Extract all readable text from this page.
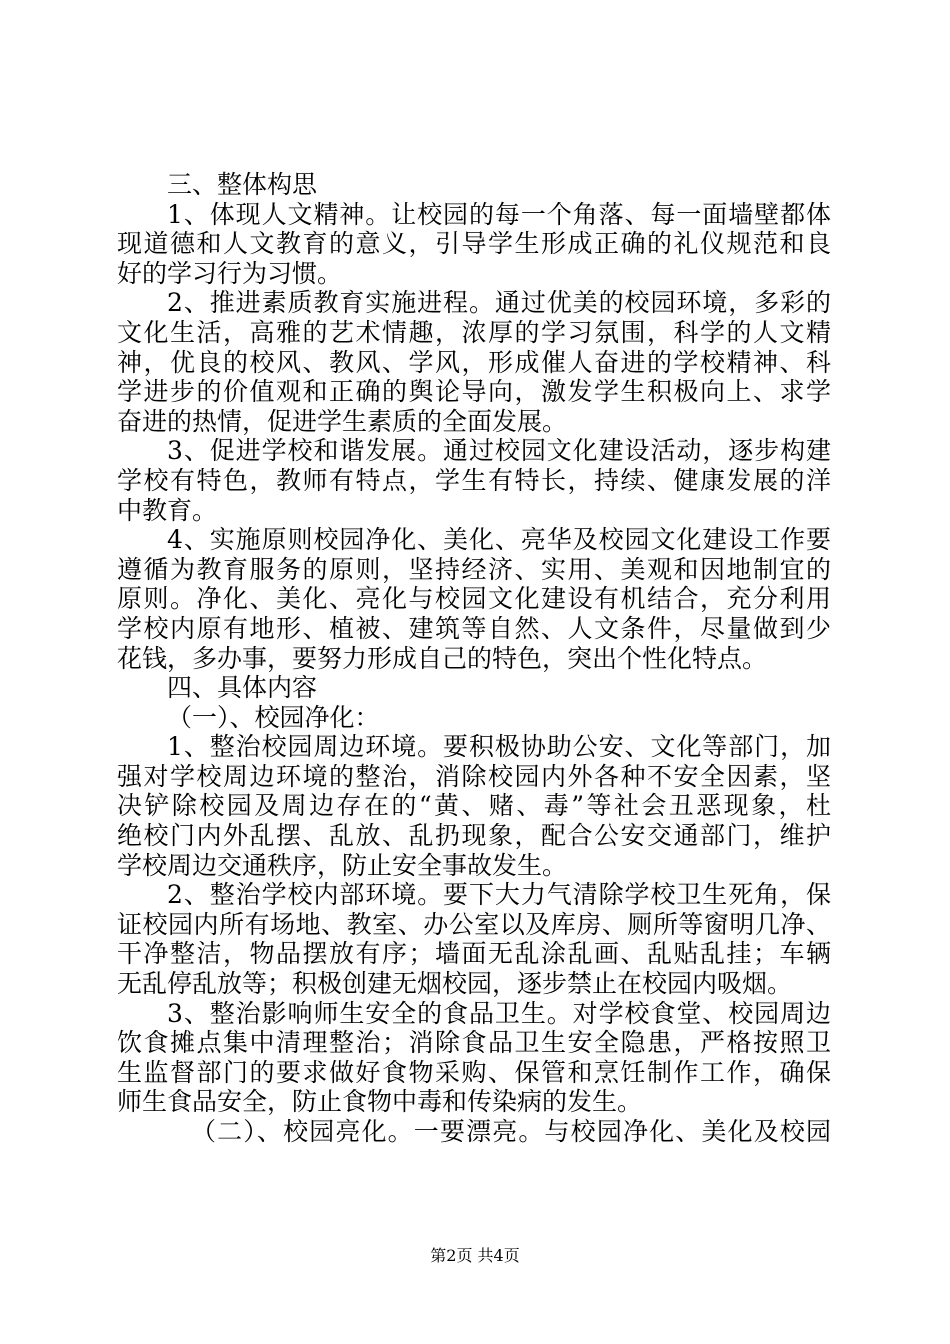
三、整体构思
1、体现人文精神。让校园的每一个角落、每一面墙壁都体
现道德和人文教育的意义，引导学生形成正确的礼仪规范和良
好的学习行为习惯。
2、推进素质教育实施进程。通过优美的校园环境，多彩的
文化生活，高雅的艺术情趣，浓厚的学习氛围，科学的人文精
神，优良的校风、教风、学风，形成催人奋进的学校精神、科
学进步的价值观和正确的舆论导向，激发学生积极向上、求学
奋进的热情，促进学生素质的全面发展。
3、促进学校和谐发展。通过校园文化建设活动，逐步构建
学校有特色，教师有特点，学生有特长，持续、健康发展的洋
中教育。
4、实施原则校园净化、美化、亮华及校园文化建设工作要
遵循为教育服务的原则，坚持经济、实用、美观和因地制宜的
原则。净化、美化、亮化与校园文化建设有机结合，充分利用
学校内原有地形、植被、建筑等自然、人文条件，尽量做到少
花钱，多办事，要努力形成自己的特色，突出个性化特点。
四、具体内容
（一）、校园净化：
1、整治校园周边环境。要积极协助公安、文化等部门，加
强对学校周边环境的整治，消除校园内外各种不安全因素，坚
决铲除校园及周边存在的“黄、赌、毒”等社会丑恶现象，杜
绝校门内外乱摆、乱放、乱扔现象，配合公安交通部门，维护
学校周边交通秩序，防止安全事故发生。
2、整治学校内部环境。要下大力气清除学校卫生死角，保
证校园内所有场地、教室、办公室以及库房、厕所等窗明几净、
干净整洁，物品摆放有序；墙面无乱涂乱画、乱贴乱挂；车辆
无乱停乱放等；积极创建无烟校园，逐步禁止在校园内吸烟。
3、整治影响师生安全的食品卫生。对学校食堂、校园周边
饮食摊点集中清理整治；消除食品卫生安全隐患，严格按照卫
生监督部门的要求做好食物采购、保管和烹饪制作工作，确保
师生食品安全，防止食物中毒和传染病的发生。
（二）、校园亮化。一要漂亮。与校园净化、美化及校园
第2页 共4页
